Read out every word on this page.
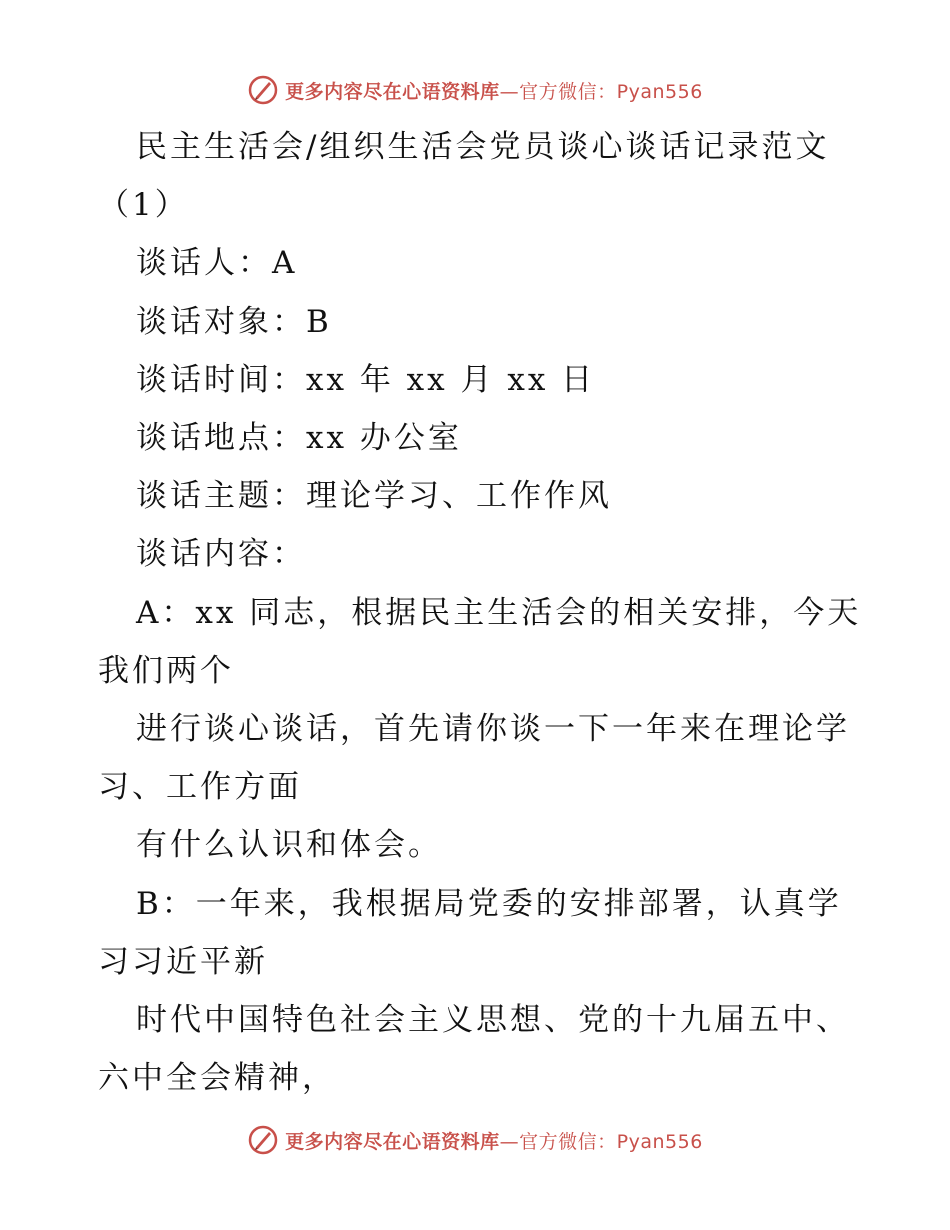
更多内容尽在心语资料库—官方微信：Pyan556
民主生活会/组织生活会党员谈心谈话记录范文
（1）
谈话人：A
谈话对象：B
谈话时间：xx 年 xx 月 xx 日
谈话地点：xx 办公室
谈话主题：理论学习、工作作风
谈话内容：
A：xx 同志，根据民主生活会的相关安排，今天
我们两个
进行谈心谈话，首先请你谈一下一年来在理论学
习、工作方面
有什么认识和体会。
B：一年来，我根据局党委的安排部署，认真学
习习近平新
时代中国特色社会主义思想、党的十九届五中、
六中全会精神，
更多内容尽在心语资料库—官方微信：Pyan556
